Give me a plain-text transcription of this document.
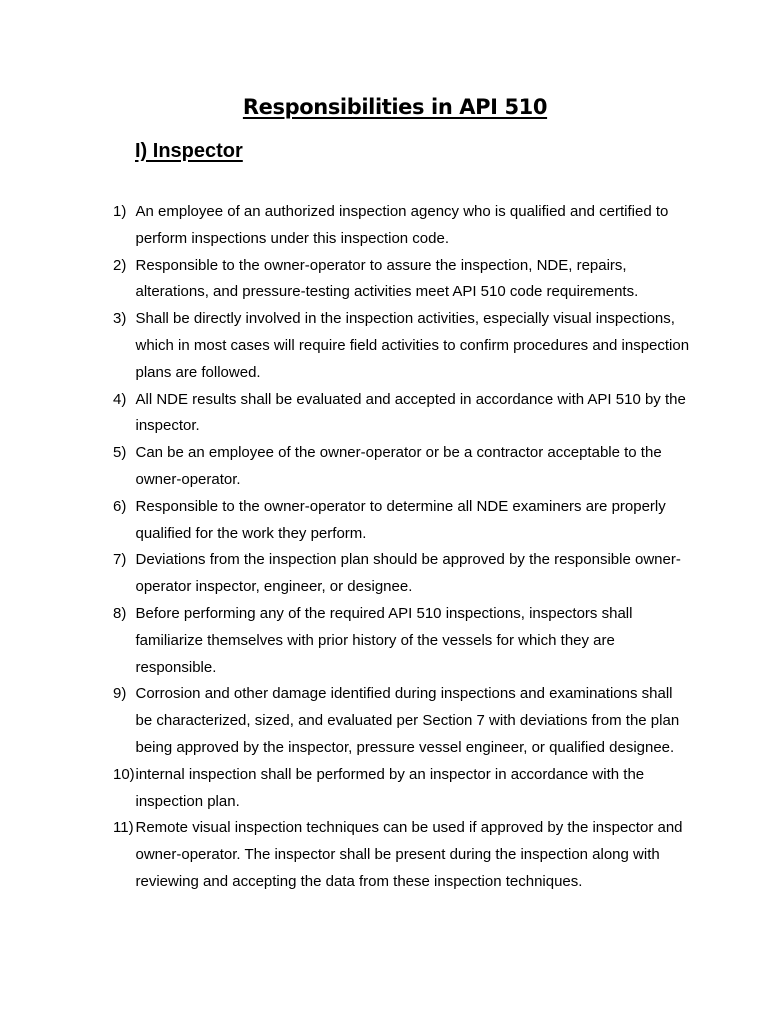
Responsibilities in API 510
I) Inspector
1) An employee of an authorized inspection agency who is qualified and certified to perform inspections under this inspection code.
2) Responsible to the owner-operator to assure the inspection, NDE, repairs, alterations, and pressure-testing activities meet API 510 code requirements.
3) Shall be directly involved in the inspection activities, especially visual inspections, which in most cases will require field activities to confirm procedures and inspection plans are followed.
4) All NDE results shall be evaluated and accepted in accordance with API 510 by the inspector.
5) Can be an employee of the owner-operator or be a contractor acceptable to the owner-operator.
6) Responsible to the owner-operator to determine all NDE examiners are properly qualified for the work they perform.
7) Deviations from the inspection plan should be approved by the responsible owner-operator inspector, engineer, or designee.
8) Before performing any of the required API 510 inspections, inspectors shall familiarize themselves with prior history of the vessels for which they are responsible.
9) Corrosion and other damage identified during inspections and examinations shall be characterized, sized, and evaluated per Section 7 with deviations from the plan being approved by the inspector, pressure vessel engineer, or qualified designee.
10) internal inspection shall be performed by an inspector in accordance with the inspection plan.
11) Remote visual inspection techniques can be used if approved by the inspector and owner-operator. The inspector shall be present during the inspection along with reviewing and accepting the data from these inspection techniques.
